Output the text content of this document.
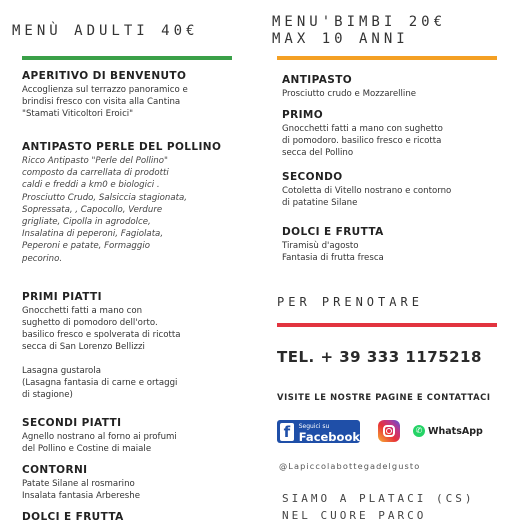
MENÙ ADULTI 40€
APERITIVO DI BENVENUTO
Accoglienza sul terrazzo panoramico e
brindisi fresco con visita alla Cantina
"Stamati Viticoltori Eroici"
ANTIPASTO PERLE DEL POLLINO
Ricco Antipasto "Perle del Pollino"
composto da carrellata di prodotti
caldi e freddi a km0 e biologici .
Prosciutto Crudo, Salsiccia stagionata,
Sopressata, , Capocollo, Verdure
grigliate, Cipolla in agrodolce,
Insalatina di peperoni, Fagiolata,
Peperoni e patate, Formaggio
pecorino.
PRIMI PIATTI
Gnocchetti fatti a mano con
sughetto di pomodoro dell'orto.
basilico fresco e spolverata di ricotta
secca di San Lorenzo Bellizzi
Lasagna gustarola
(Lasagna fantasia di carne e ortaggi
di stagione)
SECONDI PIATTI
Agnello nostrano al forno ai profumi
del Pollino e Costine di maiale
CONTORNI
Patate Silane al rosmarino
Insalata fantasia Arbereshe
DOLCI E FRUTTA
MENU'BIMBI 20€
MAX 10 ANNI
ANTIPASTO
Prosciutto crudo e Mozzarelline
PRIMO
Gnocchetti fatti a mano con sughetto
di pomodoro. basilico fresco e ricotta
secca del Pollino
SECONDO
Cotoletta di Vitello nostrano e contorno
di patatine Silane
DOLCI E FRUTTA
Tiramisù d'agosto
Fantasia di frutta fresca
PER PRENOTARE
TEL. + 39 333 1175218
VISITE LE NOSTRE PAGINE E CONTATTACI
f	Seguici su
Facebook	✆ WhatsApp
@Lapiccolabottegadelgusto
SIAMO A PLATACI (CS)
NEL CUORE PARCO
